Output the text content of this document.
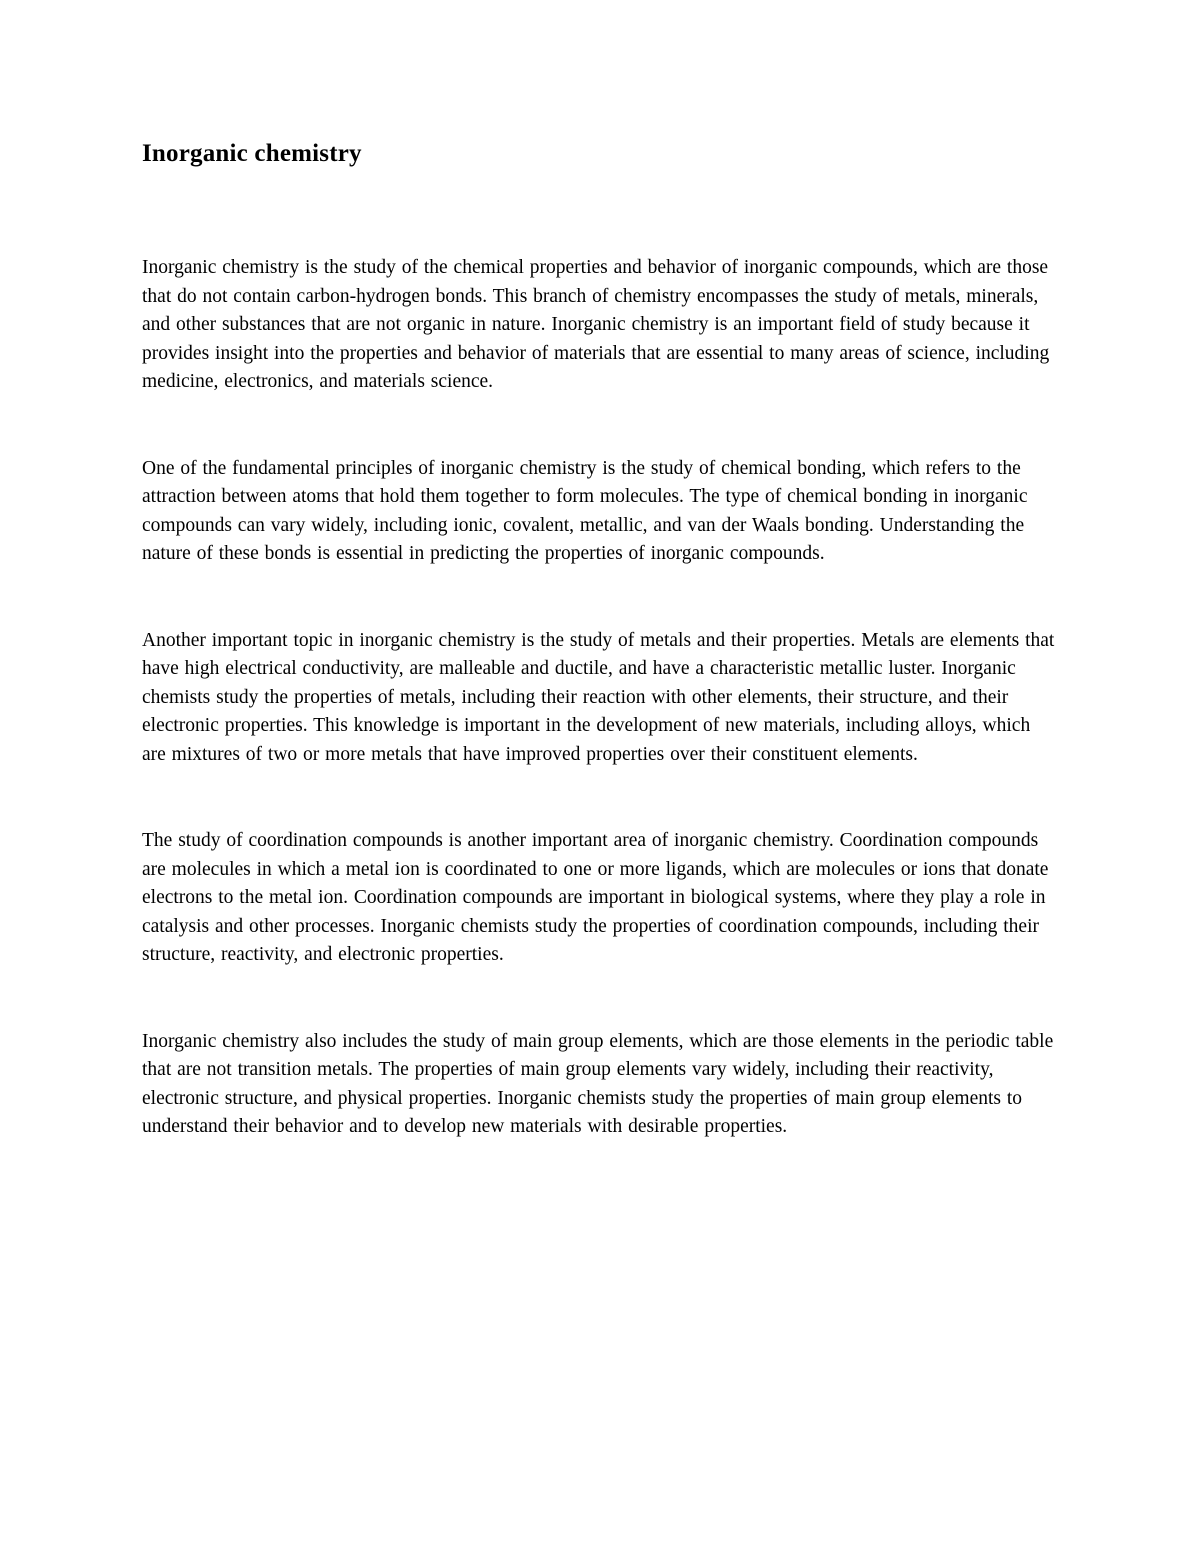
Inorganic chemistry

Inorganic chemistry is the study of the chemical properties and behavior of inorganic compounds, which are those that do not contain carbon-hydrogen bonds. This branch of chemistry encompasses the study of metals, minerals, and other substances that are not organic in nature. Inorganic chemistry is an important field of study because it provides insight into the properties and behavior of materials that are essential to many areas of science, including medicine, electronics, and materials science.

One of the fundamental principles of inorganic chemistry is the study of chemical bonding, which refers to the attraction between atoms that hold them together to form molecules. The type of chemical bonding in inorganic compounds can vary widely, including ionic, covalent, metallic, and van der Waals bonding. Understanding the nature of these bonds is essential in predicting the properties of inorganic compounds.

Another important topic in inorganic chemistry is the study of metals and their properties. Metals are elements that have high electrical conductivity, are malleable and ductile, and have a characteristic metallic luster. Inorganic chemists study the properties of metals, including their reaction with other elements, their structure, and their electronic properties. This knowledge is important in the development of new materials, including alloys, which are mixtures of two or more metals that have improved properties over their constituent elements.

The study of coordination compounds is another important area of inorganic chemistry. Coordination compounds are molecules in which a metal ion is coordinated to one or more ligands, which are molecules or ions that donate electrons to the metal ion. Coordination compounds are important in biological systems, where they play a role in catalysis and other processes. Inorganic chemists study the properties of coordination compounds, including their structure, reactivity, and electronic properties.

Inorganic chemistry also includes the study of main group elements, which are those elements in the periodic table that are not transition metals. The properties of main group elements vary widely, including their reactivity, electronic structure, and physical properties. Inorganic chemists study the properties of main group elements to understand their behavior and to develop new materials with desirable properties.
